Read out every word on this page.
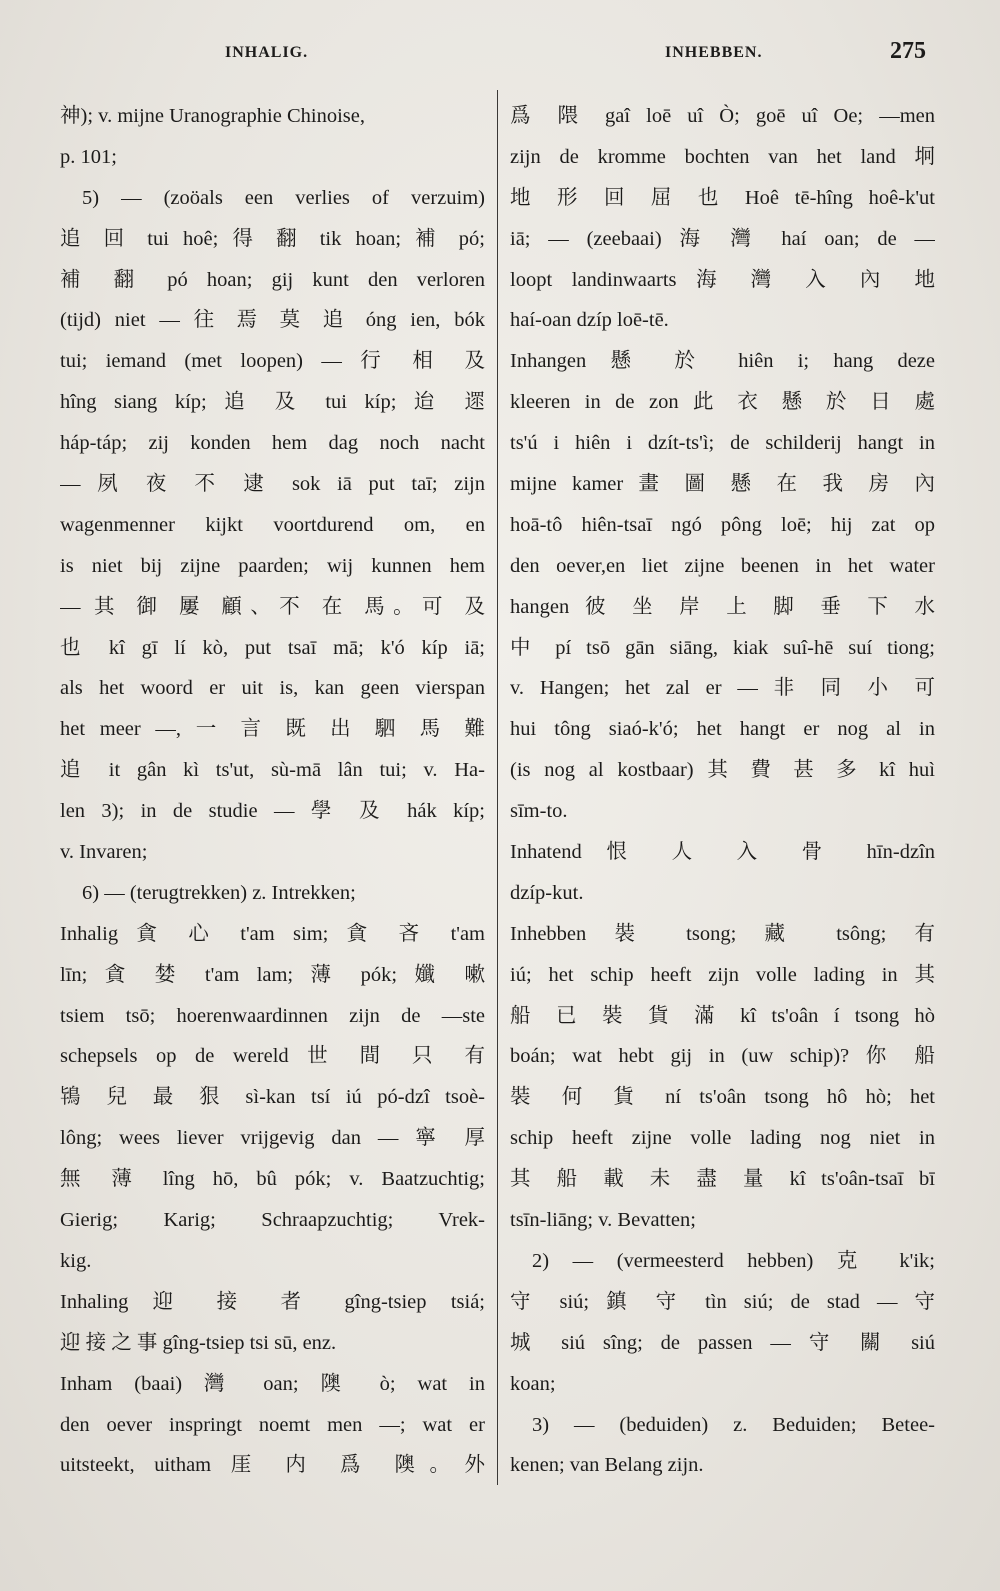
INHALIG.	INHEBBEN.	275
神); v. mijne Uranographie Chinoise,
p. 101;
5) — (zoöals een verlies of verzuim)
追 回 tui hoê; 得 翻 tik hoan; 補 pó;
補 翻 pó hoan; gij kunt den verloren
(tijd) niet — 往 焉 莫 追 óng ien, bók
tui; iemand (met loopen) — 行 相 及
hîng siang kíp; 追 及 tui kíp; 迨 遝
háp-táp; zij konden hem dag noch nacht
— 夙 夜 不 逮 sok iā put taī; zijn
wagenmenner kijkt voortdurend om, en
is niet bij zijne paarden; wij kunnen hem
— 其 御 屢 顧、不 在 馬。可 及
也 kî gī lí kò, put tsaī mā; k'ó kíp iā;
als het woord er uit is, kan geen vierspan
het meer —, 一 言 既 出 駟 馬 難
追 it gân kì ts'ut, sù-mā lân tui; v. Ha-
len 3); in de studie — 學 及 hák kíp;
v. Invaren;
6) — (terugtrekken) z. Intrekken;
Inhalig 貪 心 t'am sim; 貪 吝 t'am
līn; 貪 婪 t'am lam; 薄 pók; 孅 嗽
tsiem tsō; hoerenwaardinnen zijn de —ste
schepsels op de wereld 世 間 只 有
鴇 兒 最 狠 sì-kan tsí iú pó-dzî tsoè-
lông; wees liever vrijgevig dan — 寧 厚
無 薄 lîng hō, bû pók; v. Baatzuchtig;
Gierig; Karig; Schraapzuchtig; Vrek-
kig.
Inhaling 迎 接 者 gîng-tsiep tsiá;
迎 接 之 事 gîng-tsiep tsi sū, enz.
Inham (baai) 灣 oan; 隩 ò; wat in
den oever inspringt noemt men —; wat er
uitsteekt, uitham 厓 内 爲 隩。外
爲 隈 gaî loē uî Ò; goē uî Oe; —men
zijn de kromme bochten van het land 坰
地 形 回 屈 也 Hoê tē-hîng hoê-k'ut
iā; — (zeebaai) 海 灣 haí oan; de —
loopt landinwaarts 海 灣 入 內 地
haí-oan dzíp loē-tē.
Inhangen 懸 於 hiên i; hang deze
kleeren in de zon 此 衣 懸 於 日 處
ts'ú i hiên i dzít-ts'ì; de schilderij hangt in
mijne kamer 畫 圖 懸 在 我 房 內
hoā-tô hiên-tsaī ngó pông loē; hij zat op
den oever,en liet zijne beenen in het water
hangen 彼 坐 岸 上 脚 垂 下 水
中 pí tsō gān siāng, kiak suî-hē suí tiong;
v. Hangen; het zal er — 非 同 小 可
hui tông siaó-k'ó; het hangt er nog al in
(is nog al kostbaar) 其 費 甚 多 kî huì
sīm-to.
Inhatend 恨 人 入 骨 hīn-dzîn
dzíp-kut.
Inhebben 裝 tsong; 藏 tsông; 有
iú; het schip heeft zijn volle lading in 其
船 已 裝 貨 滿 kî ts'oân í tsong hò
boán; wat hebt gij in (uw schip)? 你 船
裝 何 貨 ní ts'oân tsong hô hò; het
schip heeft zijne volle lading nog niet in
其 船 載 未 盡 量 kî ts'oân-tsaī bī
tsīn-liāng; v. Bevatten;
2) — (vermeesterd hebben) 克 k'ik;
守 siú; 鎮 守 tìn siú; de stad — 守
城 siú sîng; de passen — 守 關 siú
koan;
3) — (beduiden) z. Beduiden; Betee-
kenen; van Belang zijn.
